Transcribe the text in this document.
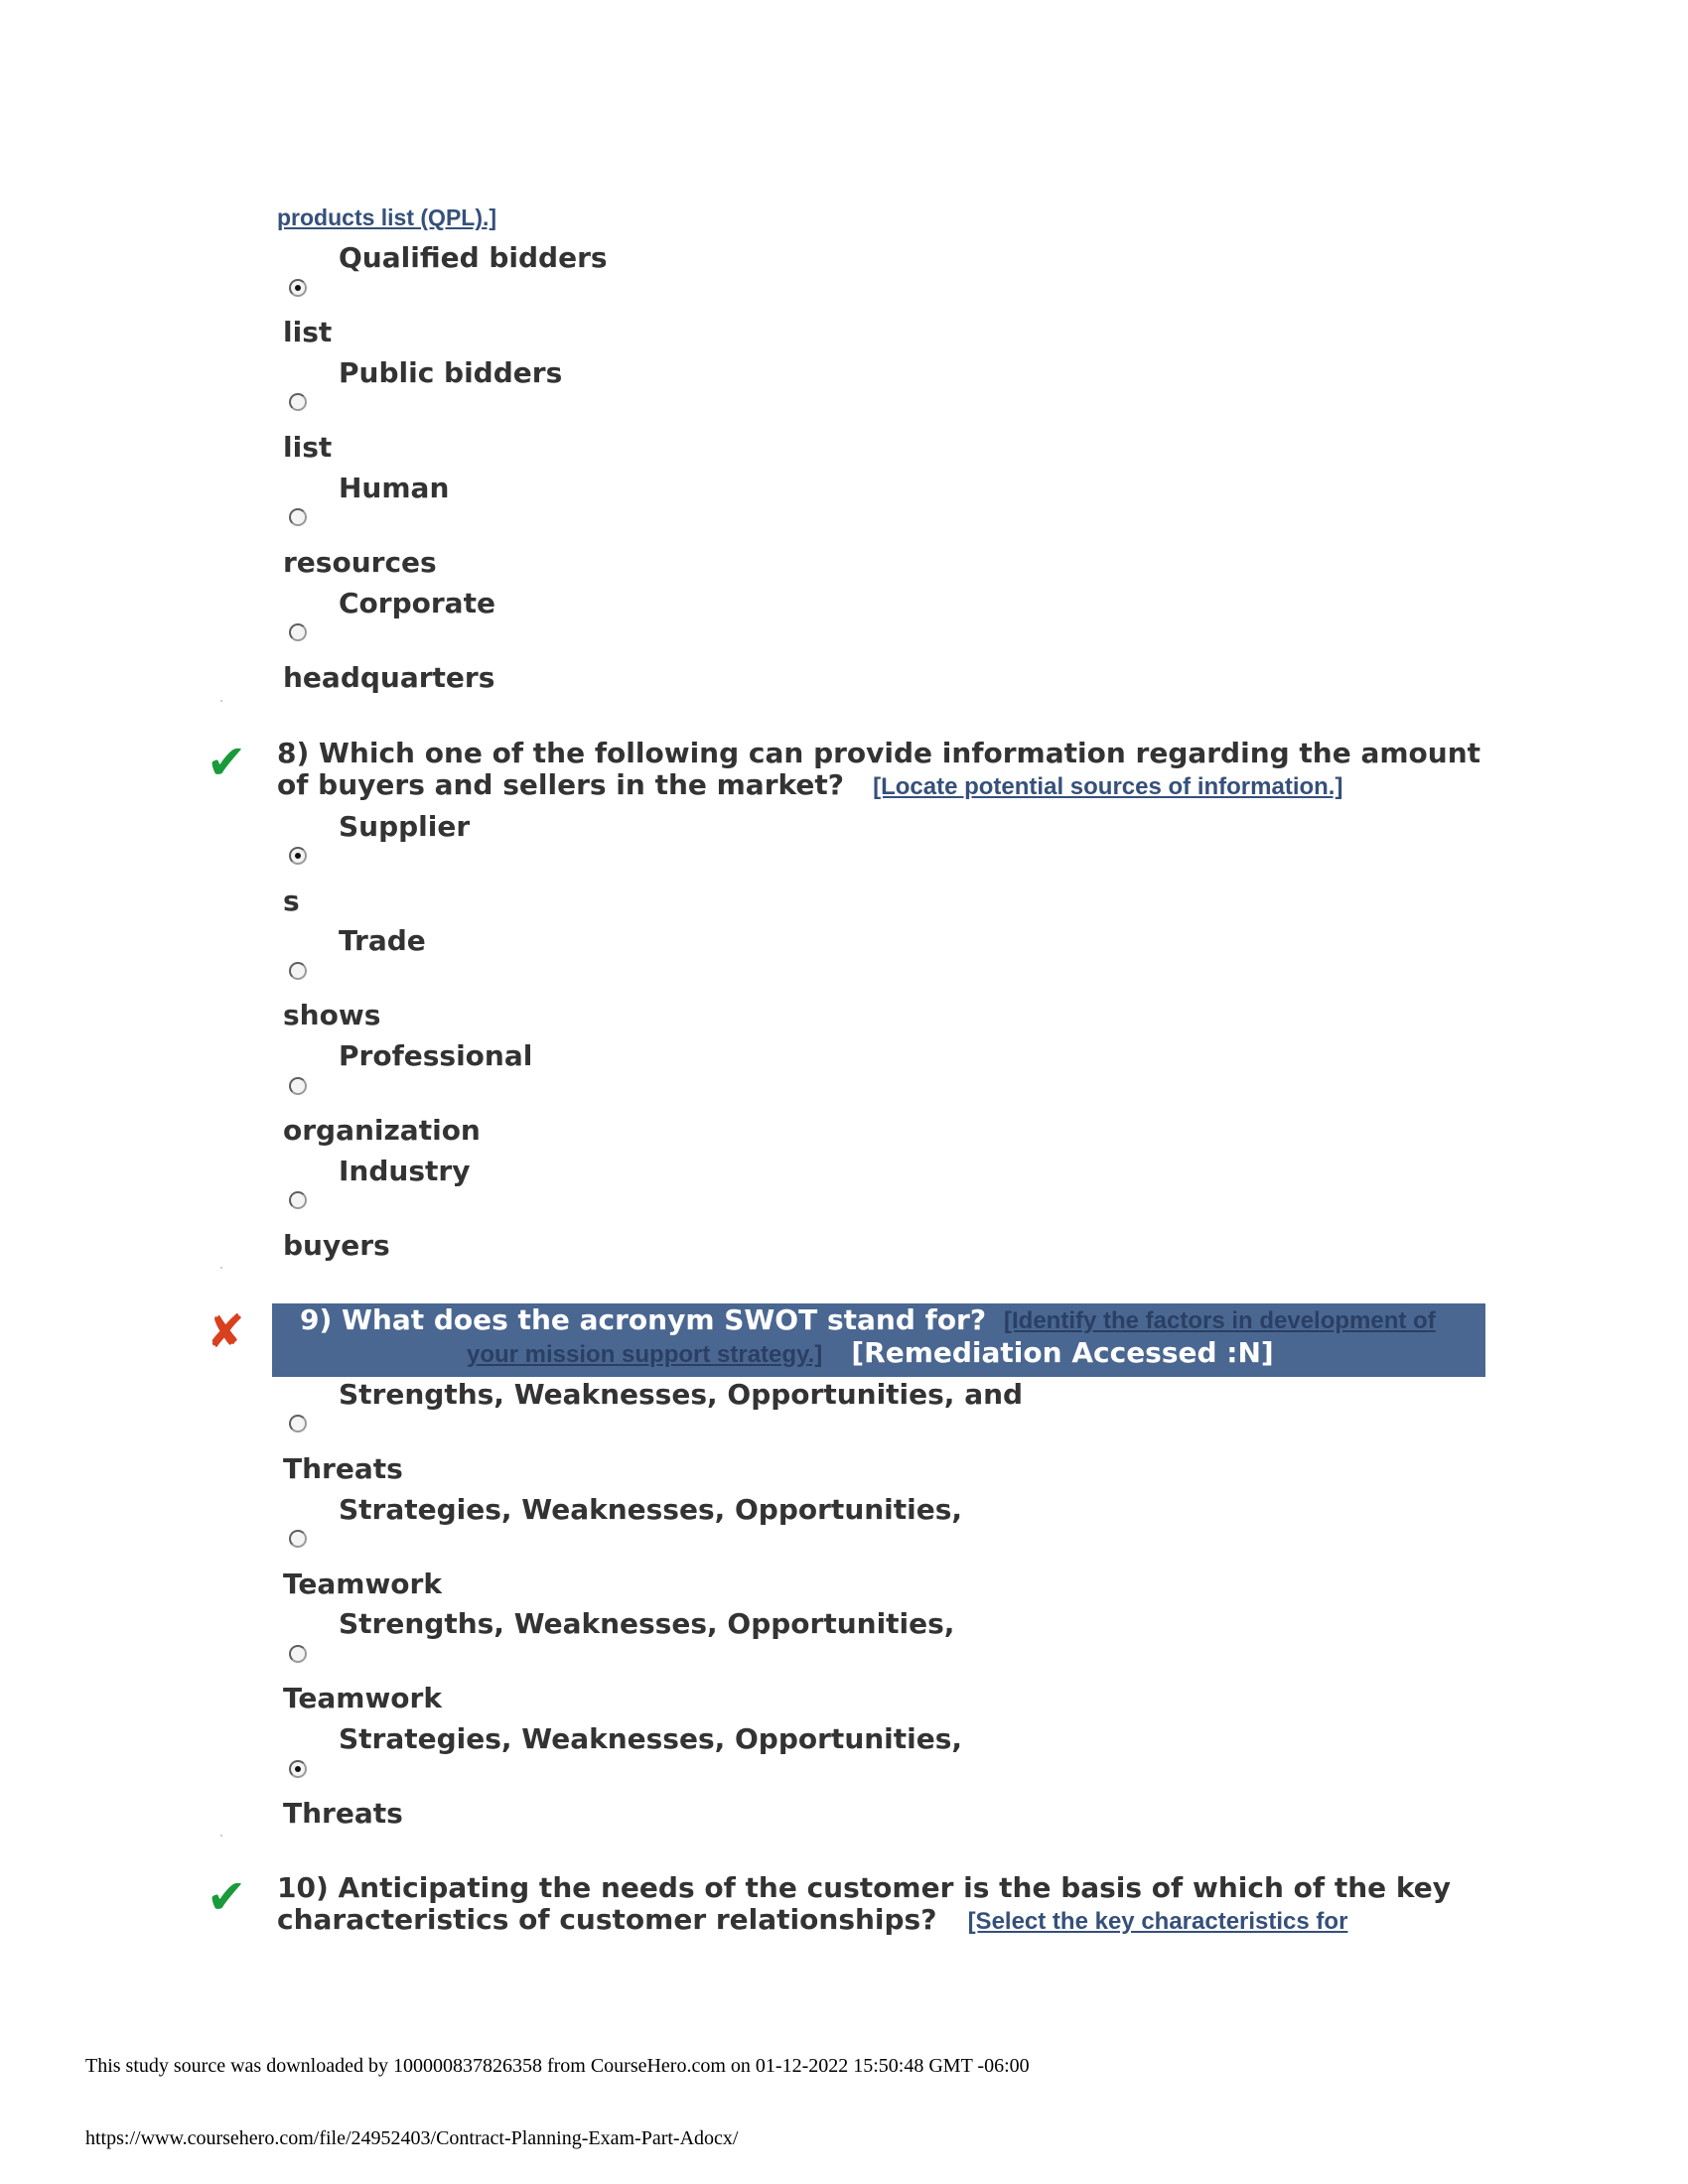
products list (QPL).]
Qualified bidders
list
Public bidders
list
Human
resources
Corporate
headquarters
✔ 8) Which one of the following can provide information regarding the amount
of buyers and sellers in the market? [Locate potential sources of information.]
Supplier
s
Trade
shows
Professional
organization
Industry
buyers
✘ 9) What does the acronym SWOT stand for? [Identify the factors in development of
your mission support strategy.] [Remediation Accessed :N]
Strengths, Weaknesses, Opportunities, and
Threats
Strategies, Weaknesses, Opportunities,
Teamwork
Strengths, Weaknesses, Opportunities,
Teamwork
Strategies, Weaknesses, Opportunities,
Threats
✔ 10) Anticipating the needs of the customer is the basis of which of the key
characteristics of customer relationships? [Select the key characteristics for
This study source was downloaded by 100000837826358 from CourseHero.com on 01-12-2022 15:50:48 GMT -06:00
https://www.coursehero.com/file/24952403/Contract-Planning-Exam-Part-Adocx/
